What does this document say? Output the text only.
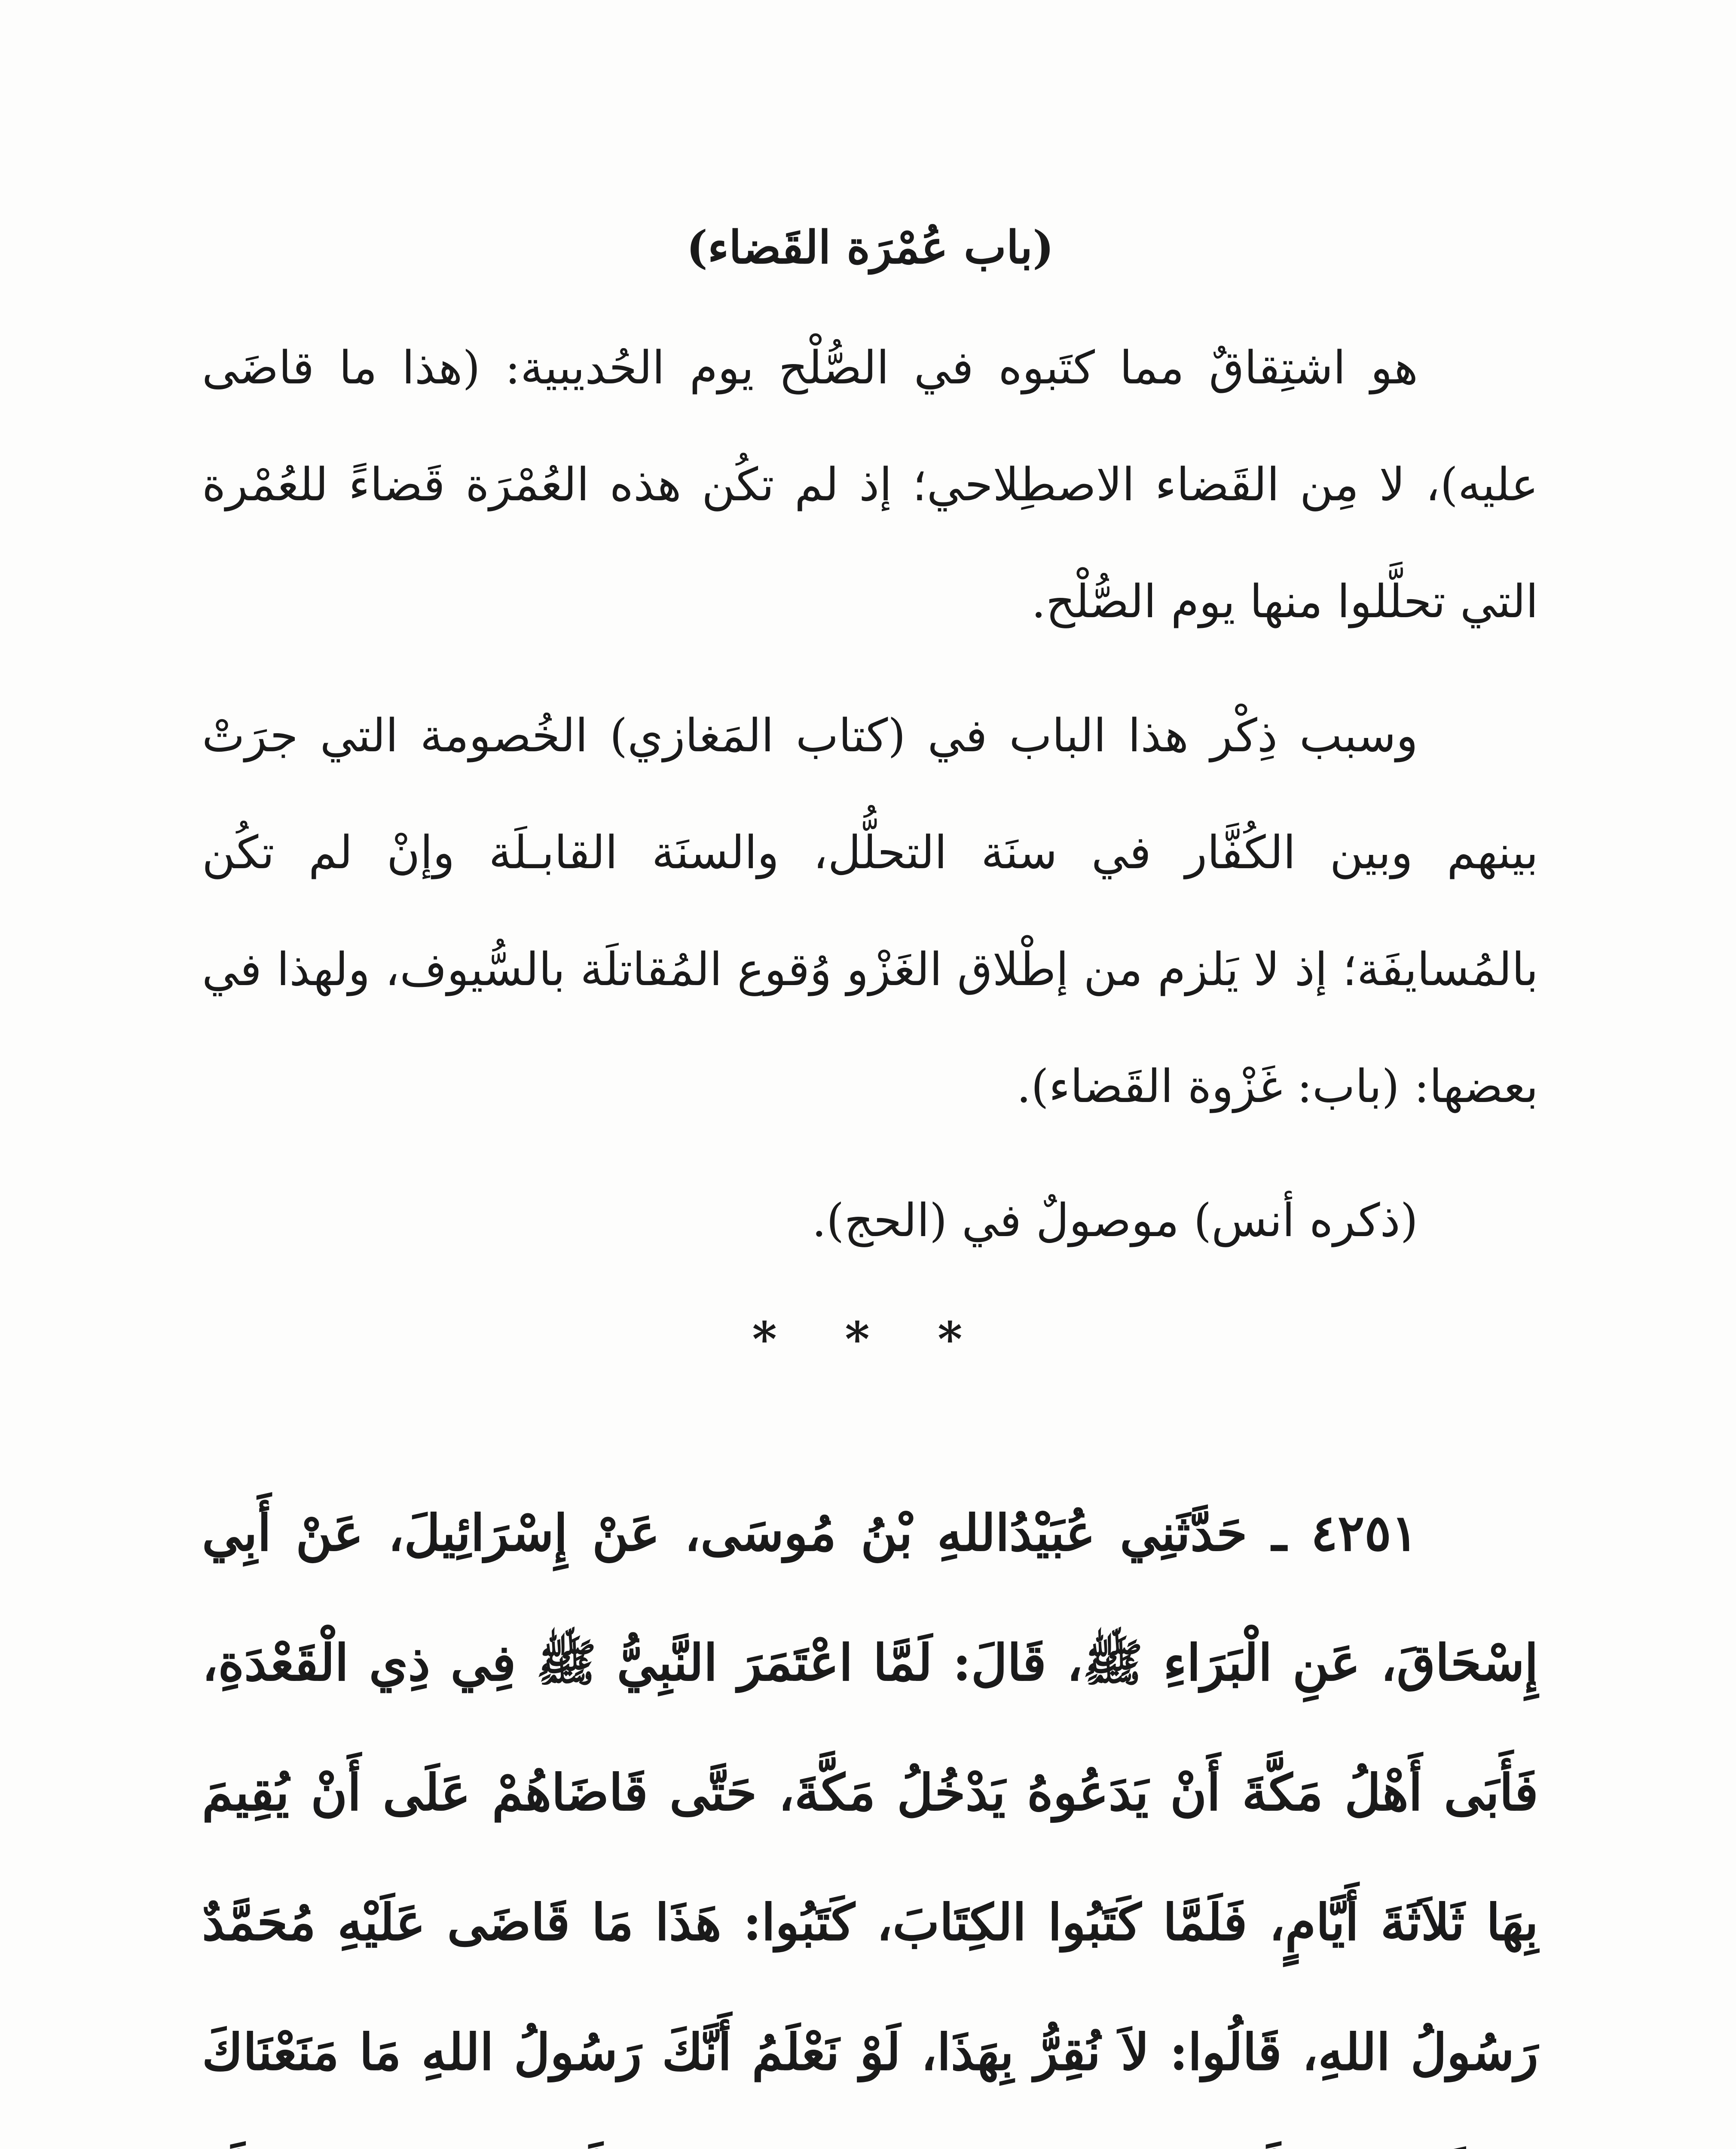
(باب عُمْرَة القَضاء)

هو اشتِقاقٌ مما كتَبوه في الصُّلْح يوم الحُديبية: (هذا ما قاضَى عليه)، لا مِن القَضاء الاصطِلاحي؛ إذ لم تكُن هذه العُمْرَة قَضاءً للعُمْرة التي تحلَّلوا منها يوم الصُّلْح.

وسبب ذِكْر هذا الباب في (كتاب المَغازي) الخُصومة التي جرَتْ بينهم وبين الكُفَّار في سنَة التحلُّل، والسنَة القابـلَة وإنْ لم تكُن بالمُسايفَة؛ إذ لا يَلزم من إطْلاق الغَزْو وُقوع المُقاتلَة بالسُّيوف، ولهذا في بعضها: (باب: غَزْوة القَضاء).

(ذكره أنس) موصولٌ في (الحج).

* * *

٤٢٥١ ـ حَدَّثَنِي عُبَيْدُاللهِ بْنُ مُوسَى، عَنْ إِسْرَائِيلَ، عَنْ أَبِي إِسْحَاقَ، عَنِ الْبَرَاءِ ﷺ، قَالَ: لَمَّا اعْتَمَرَ النَّبِيُّ ﷺ فِي ذِي الْقَعْدَةِ، فَأَبَى أَهْلُ مَكَّةَ أَنْ يَدَعُوهُ يَدْخُلُ مَكَّةَ، حَتَّى قَاضَاهُمْ عَلَى أَنْ يُقِيمَ بِهَا ثَلاَثَةَ أَيَّامٍ، فَلَمَّا كَتَبُوا الكِتَابَ، كَتَبُوا: هَذَا مَا قَاضَى عَلَيْهِ مُحَمَّدٌ رَسُولُ اللهِ، قَالُوا: لاَ نُقِرُّ بِهَذَا، لَوْ نَعْلَمُ أَنَّكَ رَسُولُ اللهِ مَا مَنَعْنَاكَ
